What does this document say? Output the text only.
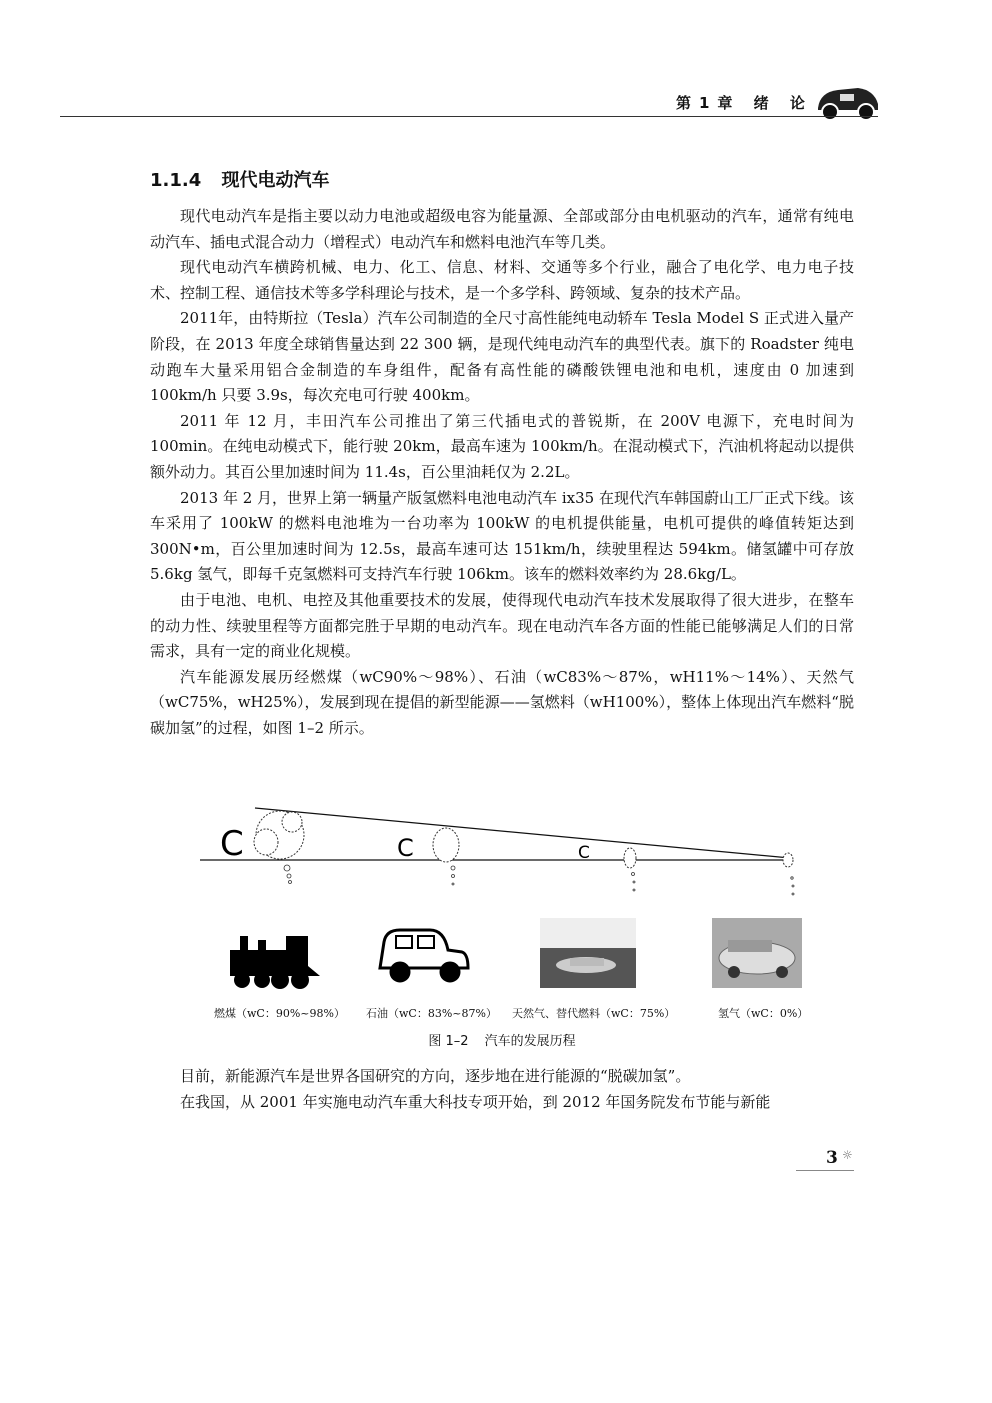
第1章 绪 论
1.1.4 现代电动汽车

现代电动汽车是指主要以动力电池或超级电容为能量源、全部或部分由电机驱动的汽车，通常有纯电动汽车、插电式混合动力（增程式）电动汽车和燃料电池汽车等几类。

现代电动汽车横跨机械、电力、化工、信息、材料、交通等多个行业，融合了电化学、电力电子技术、控制工程、通信技术等多学科理论与技术，是一个多学科、跨领域、复杂的技术产品。

2011年，由特斯拉（Tesla）汽车公司制造的全尺寸高性能纯电动轿车 Tesla Model S 正式进入量产阶段，在 2013 年度全球销售量达到 22 300 辆，是现代纯电动汽车的典型代表。旗下的 Roadster 纯电动跑车大量采用铝合金制造的车身组件，配备有高性能的磷酸铁锂电池和电机，速度由 0 加速到 100km/h 只要 3.9s，每次充电可行驶 400km。

2011 年 12 月，丰田汽车公司推出了第三代插电式的普锐斯，在 200V 电源下，充电时间为 100min。在纯电动模式下，能行驶 20km，最高车速为 100km/h。在混动模式下，汽油机将起动以提供额外动力。其百公里加速时间为 11.4s，百公里油耗仅为 2.2L。

2013 年 2 月，世界上第一辆量产版氢燃料电池电动汽车 ix35 在现代汽车韩国蔚山工厂正式下线。该车采用了 100kW 的燃料电池堆为一台功率为 100kW 的电机提供能量，电机可提供的峰值转矩达到 300N•m，百公里加速时间为 12.5s，最高车速可达 151km/h，续驶里程达 594km。储氢罐中可存放 5.6kg 氢气，即每千克氢燃料可支持汽车行驶 106km。该车的燃料效率约为 28.6kg/L。

由于电池、电机、电控及其他重要技术的发展，使得现代电动汽车技术发展取得了很大进步，在整车的动力性、续驶里程等方面都完胜于早期的电动汽车。现在电动汽车各方面的性能已能够满足人们的日常需求，具有一定的商业化规模。

汽车能源发展历经燃煤（wC90%～98%）、石油（wC83%～87%，wH11%～14%）、天然气（wC75%，wH25%），发展到现在提倡的新型能源——氢燃料（wH100%），整体上体现出汽车燃料“脱碳加氢”的过程，如图 1–2 所示。

C	C	C
燃煤（wC：90%~98%） 石油（wC：83%~87%） 天然气、替代燃料（wC：75%）	氢气（wC：0%）
图 1–2 汽车的发展历程

目前，新能源汽车是世界各国研究的方向，逐步地在进行能源的“脱碳加氢”。

在我国，从 2001 年实施电动汽车重大科技专项开始，到 2012 年国务院发布节能与新能

3 ☼
